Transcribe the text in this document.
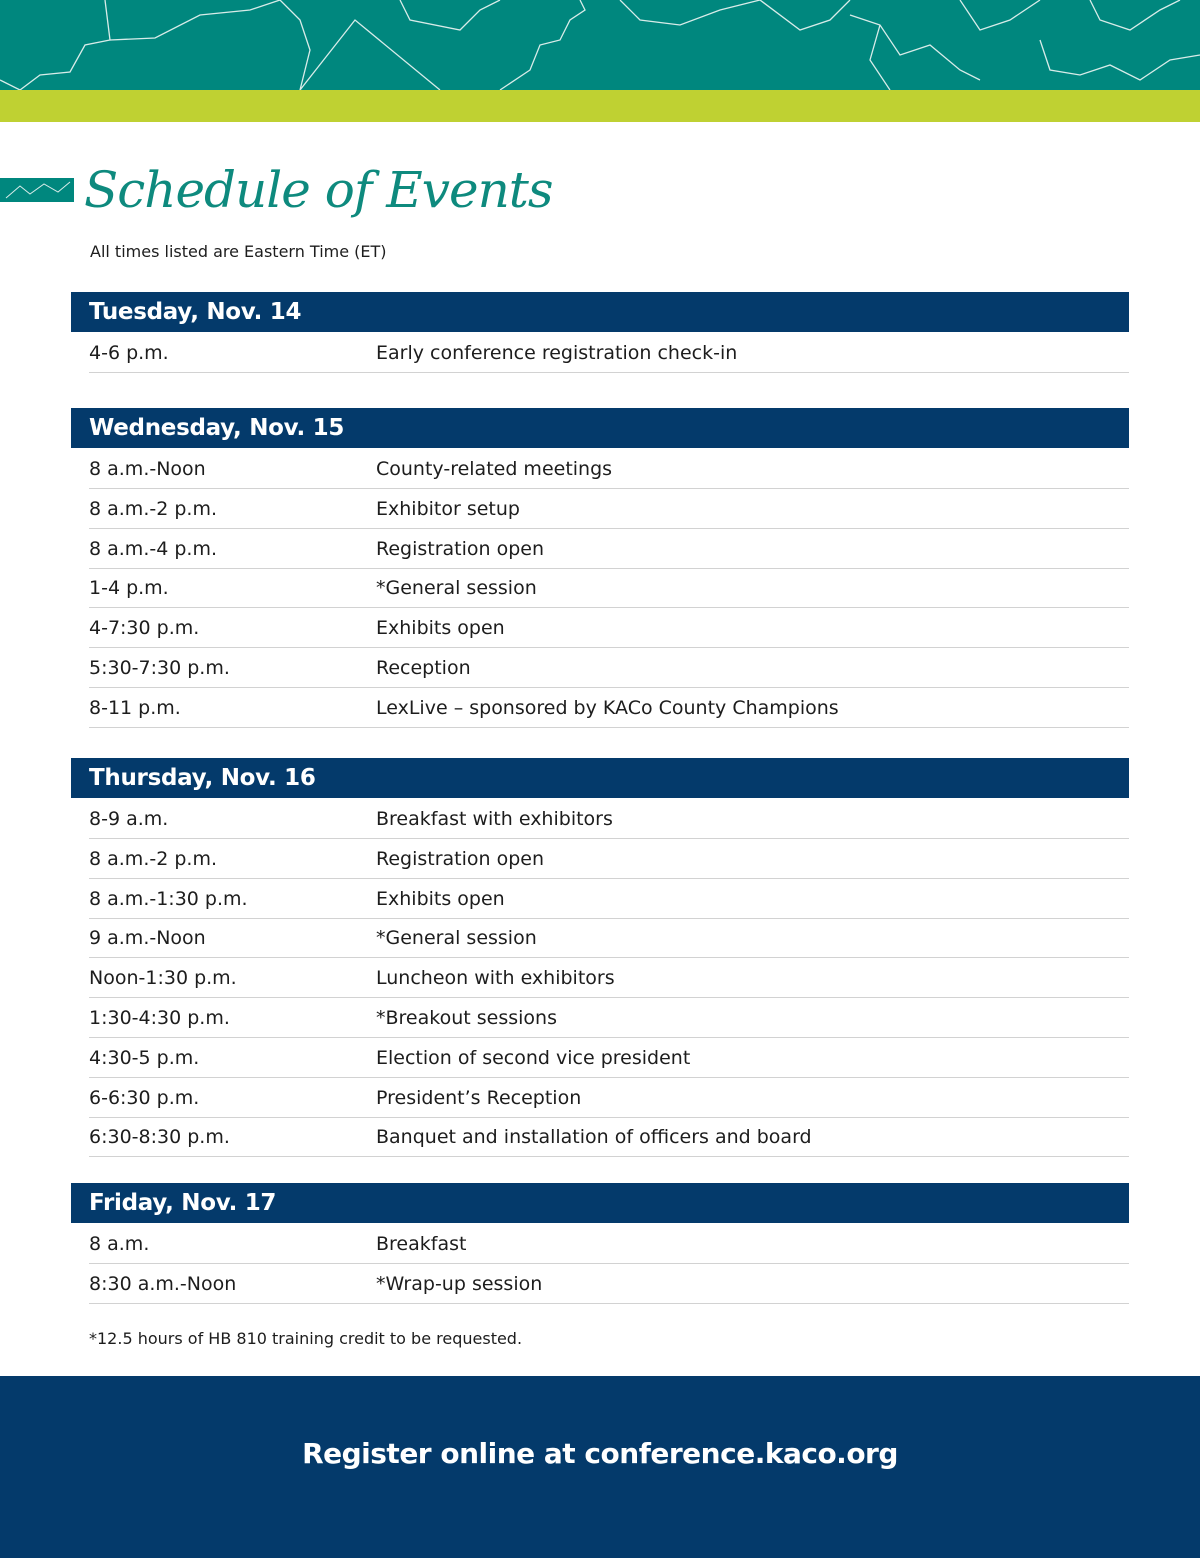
Schedule of Events
All times listed are Eastern Time (ET)
Tuesday, Nov. 14
4-6 p.m.	Early conference registration check-in
Wednesday, Nov. 15
8 a.m.-Noon	County-related meetings
8 a.m.-2 p.m.	Exhibitor setup
8 a.m.-4 p.m.	Registration open
1-4 p.m.	*General session
4-7:30 p.m.	Exhibits open
5:30-7:30 p.m.	Reception
8-11 p.m.	LexLive – sponsored by KACo County Champions
Thursday, Nov. 16
8-9 a.m.	Breakfast with exhibitors
8 a.m.-2 p.m.	Registration open
8 a.m.-1:30 p.m.	Exhibits open
9 a.m.-Noon	*General session
Noon-1:30 p.m.	Luncheon with exhibitors
1:30-4:30 p.m.	*Breakout sessions
4:30-5 p.m.	Election of second vice president
6-6:30 p.m.	President’s Reception
6:30-8:30 p.m.	Banquet and installation of officers and board
Friday, Nov. 17
8 a.m.	Breakfast
8:30 a.m.-Noon	*Wrap-up session
*12.5 hours of HB 810 training credit to be requested.
Register online at conference.kaco.org
